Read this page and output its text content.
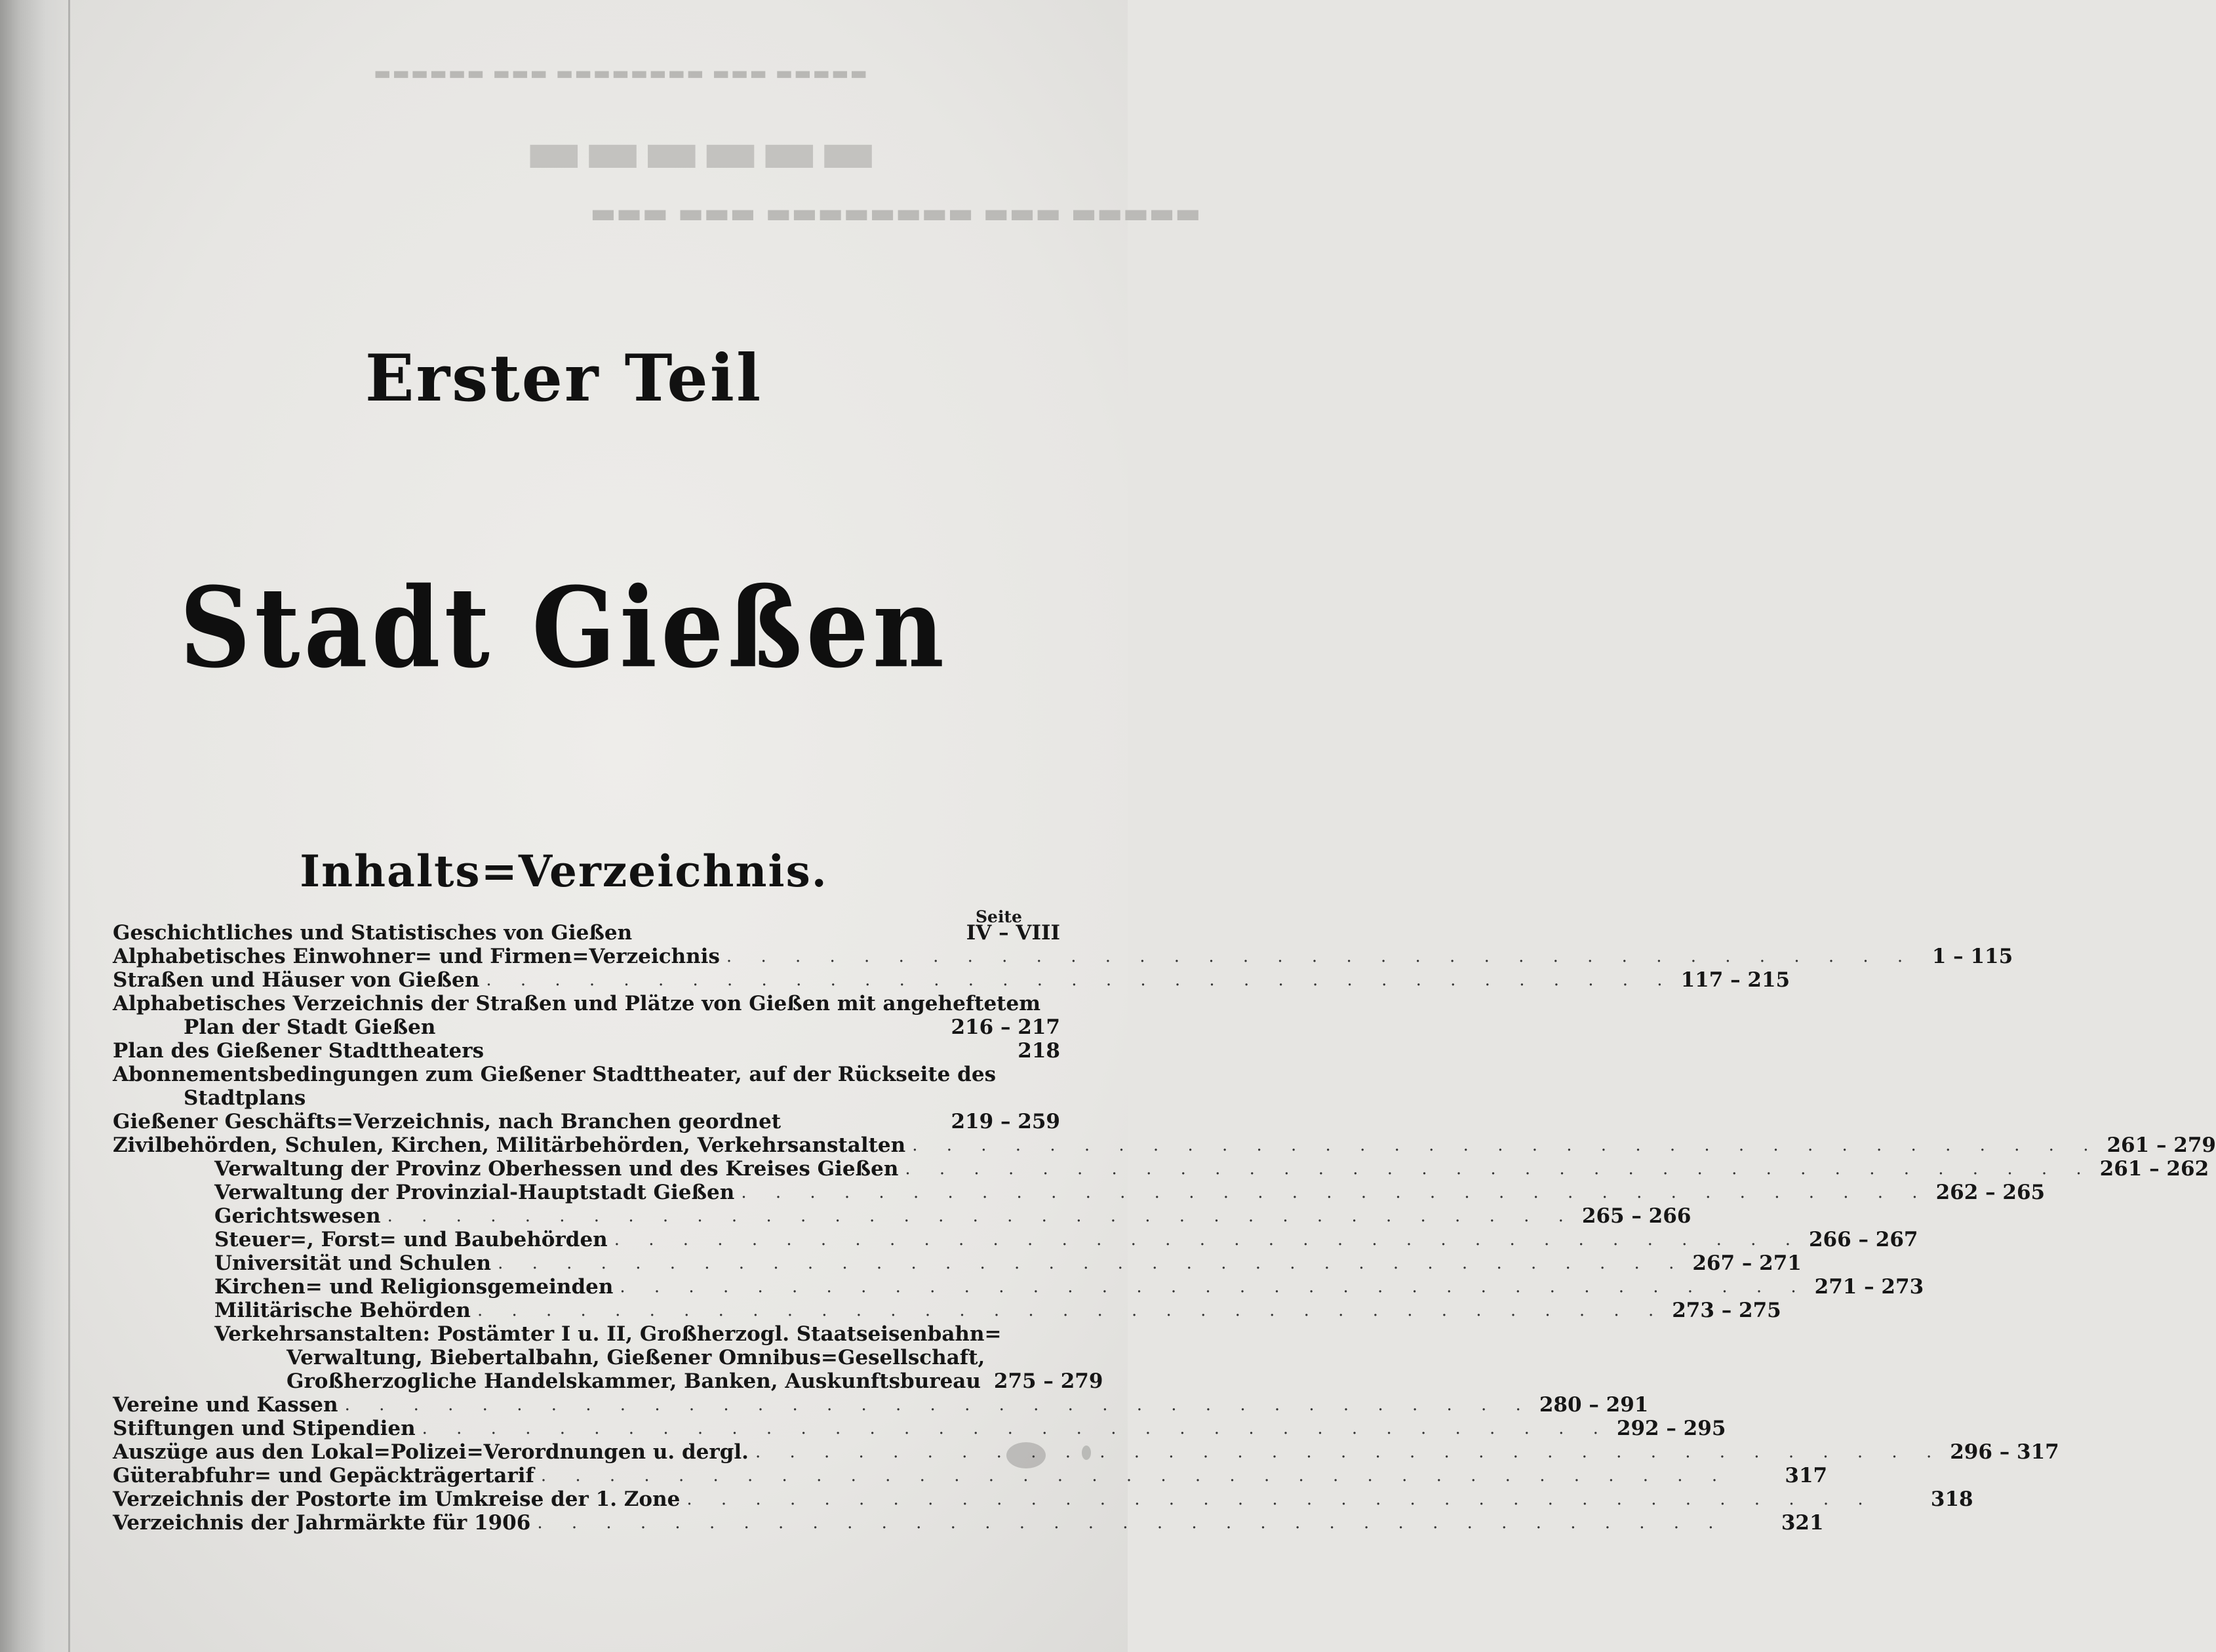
▬▬▬▬▬▬ ▬▬▬ ▬▬▬▬▬▬▬▬ ▬▬▬ ▬▬▬▬▬
▬▬▬▬▬▬
▬▬▬ ▬▬▬ ▬▬▬▬▬▬▬▬ ▬▬▬ ▬▬▬▬▬
Erster Teil
Stadt Gießen
Inhalts=Verzeichnis.
Seite
Geschichtliches und Statistisches von Gießen	IV – VIII
Alphabetisches Einwohner= und Firmen=Verzeichnis . . . . . . . . . . . . . . . . . . . . . . . . . . . . . . . . . . . 1 – 115
Straßen und Häuser von Gießen . . . . . . . . . . . . . . . . . . . . . . . . . . . . . . . . . . . 117 – 215
Alphabetisches Verzeichnis der Straßen und Plätze von Gießen mit angeheftetem
Plan der Stadt Gießen	216 – 217
Plan des Gießener Stadttheaters	218
Abonnementsbedingungen zum Gießener Stadttheater, auf der Rückseite des
Stadtplans
Gießener Geschäfts=Verzeichnis, nach Branchen geordnet	219 – 259
Zivilbehörden, Schulen, Kirchen, Militärbehörden, Verkehrsanstalten . . . . . . . . . . . . . . . . . . . . . . . . . . . . . . . . . . . 261 – 279
Verwaltung der Provinz Oberhessen und des Kreises Gießen . . . . . . . . . . . . . . . . . . . . . . . . . . . . . . . . . . . 261 – 262
Verwaltung der Provinzial-Hauptstadt Gießen . . . . . . . . . . . . . . . . . . . . . . . . . . . . . . . . . . . 262 – 265
Gerichtswesen . . . . . . . . . . . . . . . . . . . . . . . . . . . . . . . . . . . 265 – 266
Steuer=, Forst= und Baubehörden . . . . . . . . . . . . . . . . . . . . . . . . . . . . . . . . . . . 266 – 267
Universität und Schulen . . . . . . . . . . . . . . . . . . . . . . . . . . . . . . . . . . . 267 – 271
Kirchen= und Religionsgemeinden . . . . . . . . . . . . . . . . . . . . . . . . . . . . . . . . . . . 271 – 273
Militärische Behörden . . . . . . . . . . . . . . . . . . . . . . . . . . . . . . . . . . . 273 – 275
Verkehrsanstalten: Postämter I u. II, Großherzogl. Staatseisenbahn=
Verwaltung, Biebertalbahn, Gießener Omnibus=Gesellschaft,
Großherzogliche Handelskammer, Banken, Auskunftsbureau 275 – 279
Vereine und Kassen . . . . . . . . . . . . . . . . . . . . . . . . . . . . . . . . . . . 280 – 291
Stiftungen und Stipendien . . . . . . . . . . . . . . . . . . . . . . . . . . . . . . . . . . . 292 – 295
Auszüge aus den Lokal=Polizei=Verordnungen u. dergl. . . . . . . . . . . . . . . . . . . . . . . . . . . . . . . . . . . . 296 – 317
Güterabfuhr= und Gepäckträgertarif . . . . . . . . . . . . . . . . . . . . . . . . . . . . . . . . . . .	317
Verzeichnis der Postorte im Umkreise der 1. Zone . . . . . . . . . . . . . . . . . . . . . . . . . . . . . . . . . . .	318
Verzeichnis der Jahrmärkte für 1906 . . . . . . . . . . . . . . . . . . . . . . . . . . . . . . . . . . .	321
